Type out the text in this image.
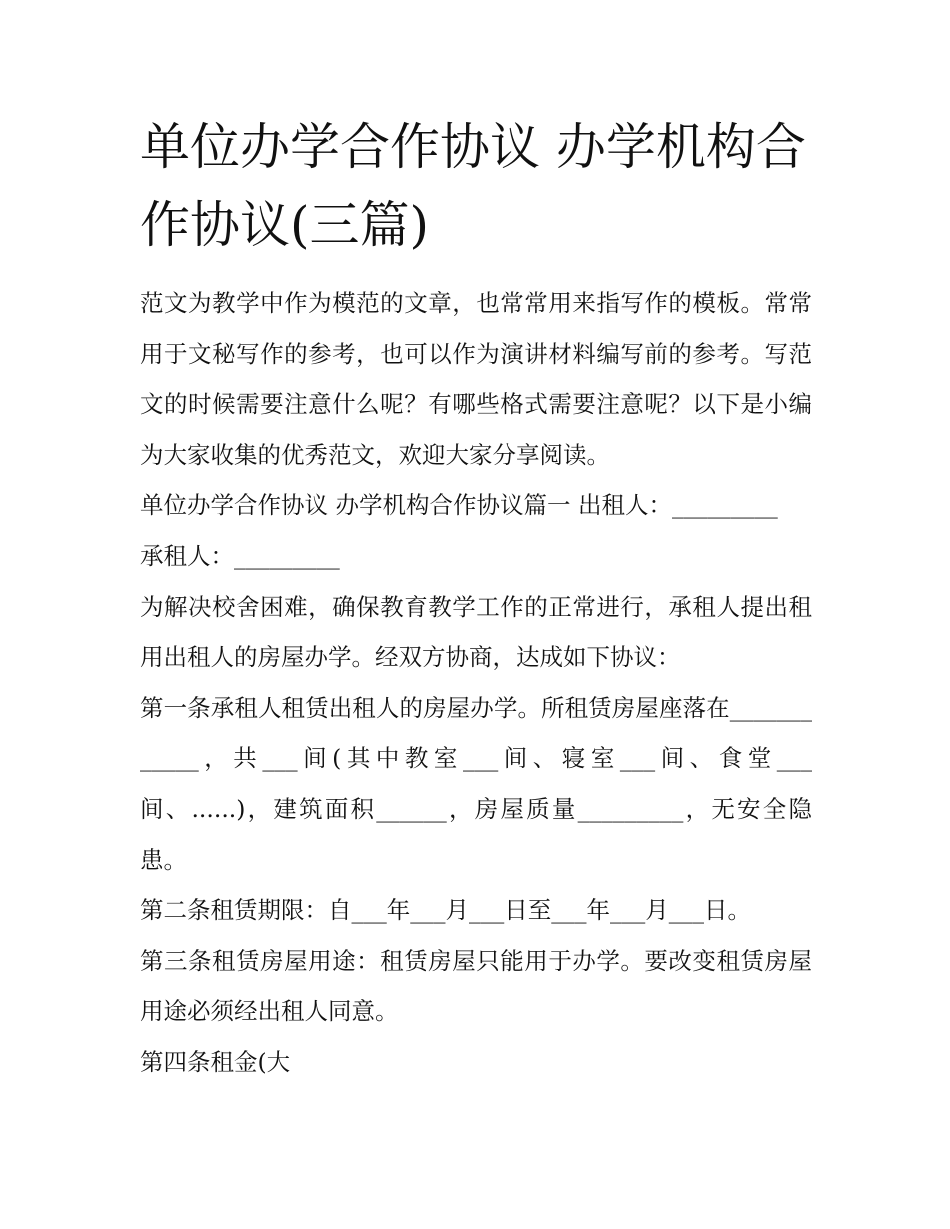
单位办学合作协议 办学机构合作协议(三篇)

范文为教学中作为模范的文章，也常常用来指写作的模板。常常用于文秘写作的参考，也可以作为演讲材料编写前的参考。写范文的时候需要注意什么呢？有哪些格式需要注意呢？以下是小编为大家收集的优秀范文，欢迎大家分享阅读。

单位办学合作协议 办学机构合作协议篇一 出租人：_________

承租人：_________

为解决校舍困难，确保教育教学工作的正常进行，承租人提出租用出租人的房屋办学。经双方协商，达成如下协议：

第一条承租人租赁出租人的房屋办学。所租赁房屋座落在____________，共___间(其中教室___间、寝室___间、食堂___间、......)，建筑面积______，房屋质量_________，无安全隐患。

第二条租赁期限：自___年___月___日至___年___月___日。

第三条租赁房屋用途：租赁房屋只能用于办学。要改变租赁房屋用途必须经出租人同意。

第四条租金(大
